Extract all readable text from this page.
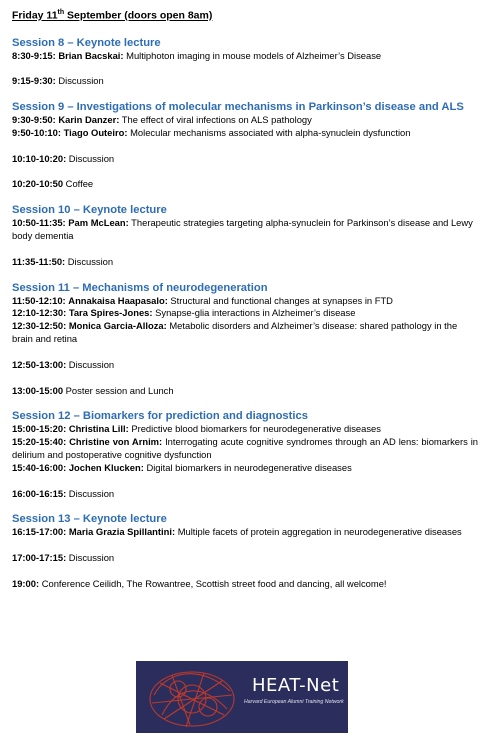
Friday 11th September (doors open 8am)
Session 8 – Keynote lecture

8:30-9:15: Brian Bacskai: Multiphoton imaging in mouse models of Alzheimer’s Disease

9:15-9:30: Discussion

Session 9 – Investigations of molecular mechanisms in Parkinson’s disease and ALS

9:30-9:50: Karin Danzer: The effect of viral infections on ALS pathology

9:50-10:10: Tiago Outeiro: Molecular mechanisms associated with alpha-synuclein dysfunction

10:10-10:20: Discussion

10:20-10:50 Coffee

Session 10 – Keynote lecture

10:50-11:35: Pam McLean: Therapeutic strategies targeting alpha-synuclein for Parkinson’s disease and Lewy body dementia

11:35-11:50: Discussion

Session 11 – Mechanisms of neurodegeneration

11:50-12:10: Annakaisa Haapasalo: Structural and functional changes at synapses in FTD

12:10-12:30: Tara Spires-Jones: Synapse-glia interactions in Alzheimer’s disease

12:30-12:50: Monica Garcia-Alloza: Metabolic disorders and Alzheimer’s disease: shared pathology in the brain and retina

12:50-13:00: Discussion

13:00-15:00 Poster session and Lunch

Session 12 – Biomarkers for prediction and diagnostics

15:00-15:20: Christina Lill: Predictive blood biomarkers for neurodegenerative diseases

15:20-15:40: Christine von Arnim: Interrogating acute cognitive syndromes through an AD lens: biomarkers in delirium and postoperative cognitive dysfunction

15:40-16:00: Jochen Klucken: Digital biomarkers in neurodegenerative diseases

16:00-16:15: Discussion

Session 13 – Keynote lecture

16:15-17:00: Maria Grazia Spillantini: Multiple facets of protein aggregation in neurodegenerative diseases

17:00-17:15: Discussion

19:00: Conference Ceilidh, The Rowantree, Scottish street food and dancing, all welcome!

HEAT-Net
Harvard European Alumni Training Network
